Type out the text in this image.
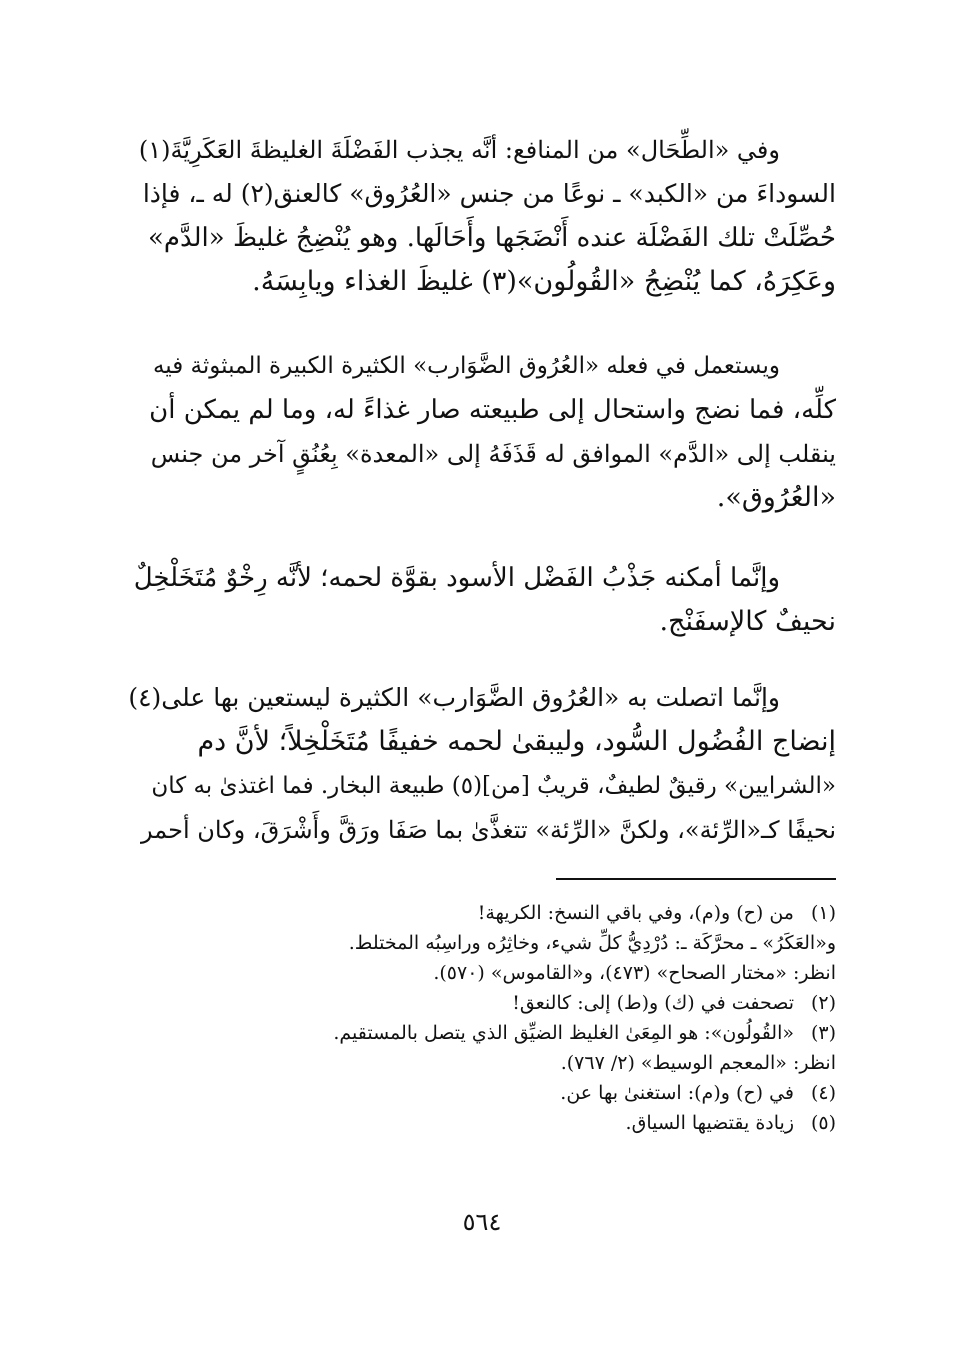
وفي «الطِّحَال» من المنافع: أنَّه يجذب الفَضْلَةَ الغليظةَ العَكَرِيَّةَ(١)
السوداءَ من «الكبد» ـ نوعًا من جنس «العُرُوق» كالعنق(٢) له ـ، فإذا
حُصِّلَتْ تلك الفَضْلَة عنده أَنْضَجَها وأَحَالَها. وهو يُنْضِجُ غليظَ «الدَّم»
وعَكِرَهُ، كما يُنْضِجُ «القُولُون»(٣) غليظَ الغذاء ويابِسَهُ.
ويستعمل في فعله «العُرُوق الضَّوَارب» الكثيرة الكبيرة المبثوثة فيه
كلِّه، فما نضج واستحال إلى طبيعته صار غذاءً له، وما لم يمكن أن
ينقلب إلى «الدَّم» الموافق له قَذَفَهُ إلى «المعدة» بِعُنُقٍ آخر من جنس
«العُرُوق».
وإنَّما أمكنه جَذْبُ الفَضْل الأسود بقوَّة لحمه؛ لأنَّه رِخْوٌ مُتَخَلْخِلٌ
نحيفٌ كالإسفَنْج.
وإنَّما اتصلت به «العُرُوق الضَّوَارب» الكثيرة ليستعين بها على(٤)
إنضاج الفُضُول السُّود، وليبقىٰ لحمه خفيفًا مُتَخَلْخِلاً؛ لأنَّ دم
«الشرايين» رقيقٌ لطيفٌ، قريبٌ [من](٥) طبيعة البخار. فما اغتذىٰ به كان
نحيفًا كـ«الرِّئة»، ولكنَّ «الرِّئة» تتغذَّىٰ بما صَفَا ورَقَّ وأَشْرَقَ، وكان أحمر
(١)من (ح) و(م)، وفي باقي النسخ: الكريهة!
و«العَكَرُ» ـ محرَّكَة ـ: دُرْدِيُّ كلِّ شيء، وخاثِرُه وراسِبُه المختلط.
انظر: «مختار الصحاح» (٤٧٣)، و«القاموس» (٥٧٠).
(٢)تصحفت في (ك) و(ط) إلى: كالنعق!
(٣)«القُولُون»: هو المِعَىٰ الغليظ الضيِّق الذي يتصل بالمستقيم.
انظر: «المعجم الوسيط» (٢/ ٧٦٧).
(٤)في (ح) و(م): استغنىٰ بها عن.
(٥)زيادة يقتضيها السياق.
٥٦٤
